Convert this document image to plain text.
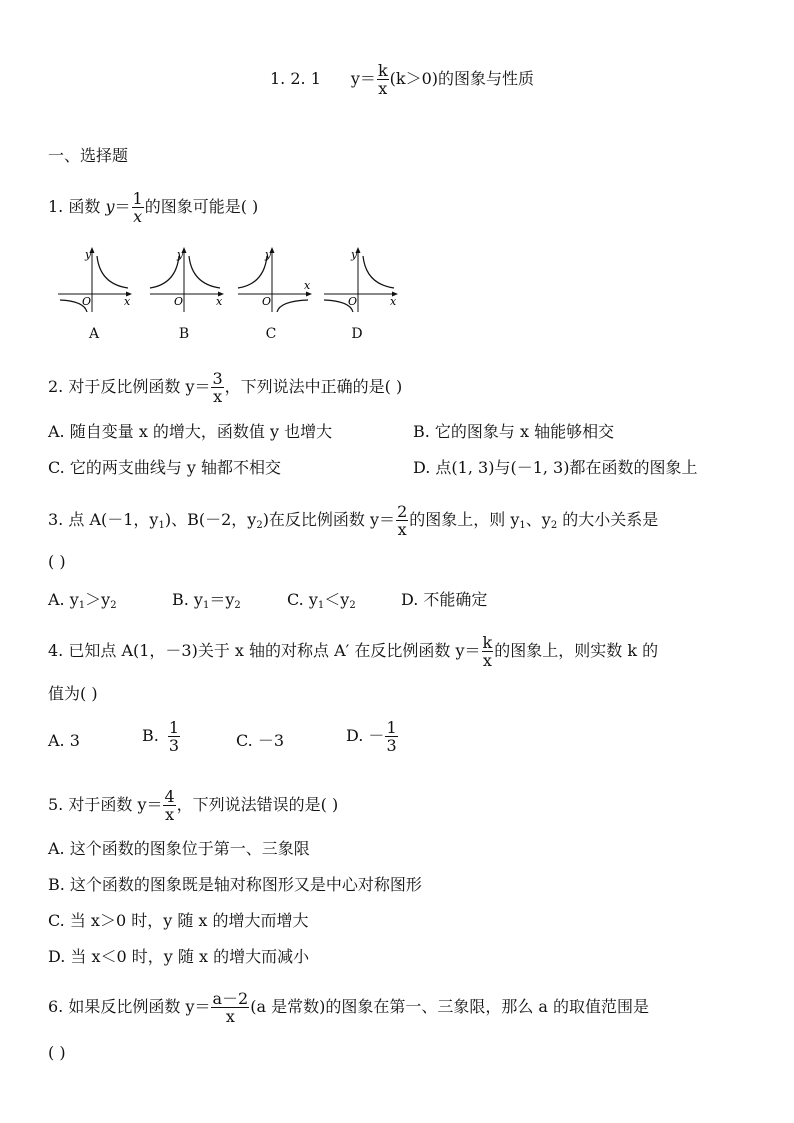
1. 2. 1 $y= \frac{k}{x} (k>0)$的图象与性质
一、选择题
1. 函数 $y= \frac{1}{x}$ 的图象可能是( )
y
x
O
y
x
O
y
x
O
y
x
O
A	B	C	D
2. 对于反比例函数 $y= \frac{3}{x}$ ，下列说法中正确的是( )
A. 随自变量 x 的增大，函数值 y 也增大	B. 它的图象与 x 轴能够相交
C. 它的两支曲线与 y 轴都不相交	D. 点(1, 3)与(－1, 3)都在函数的图象上
3. 点 A(－1，$y_1$)、B(－2，$y_2$)在反比例函数 $y= \frac{2}{x}$ 的图象上，则 $y_1$、$y_2$ 的大小关系是
( )
A. $y_1>y_2$	B. $y_1=y_2$	C. $y_1<y_2$	D. 不能确定
4. 已知点 A(1，－3)关于 x 轴的对称点 A′ 在反比例函数 $y= \frac{k}{x}$ 的图象上，则实数 k 的
值为( )
A. 3	B. $\frac{1}{3}$	C. －3	D. － $\frac{1}{3}$
5. 对于函数 $y= \frac{4}{x}$ ，下列说法错误的是( )
A. 这个函数的图象位于第一、三象限
B. 这个函数的图象既是轴对称图形又是中心对称图形
C. 当 x＞0 时，y 随 x 的增大而增大
D. 当 x＜0 时，y 随 x 的增大而减小
6. 如果反比例函数 $y= \frac{a-2}{x} (a$ 是常数)的图象在第一、三象限，那么 a 的取值范围是
( )
